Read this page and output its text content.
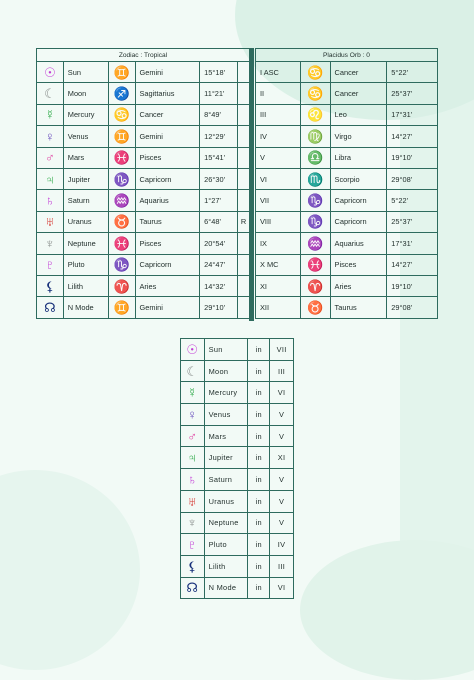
Zodiac : Tropical					
☉	Sun	♊	Gemini	15°18'	
☾	Moon	♐	Sagittarius	11°21'	
☿	Mercury	♋	Cancer	8°49'	
♀	Venus	♊	Gemini	12°29'	
♂	Mars	♓	Pisces	15°41'	
♃	Jupiter	♑	Capricorn	26°30'	
♄	Saturn	♒	Aquarius	1°27'	
♅	Uranus	♉	Taurus	6°48'	R
♆	Neptune	♓	Pisces	20°54'	
♇	Pluto	♑	Capricorn	24°47'	
⚸	Lilith	♈	Aries	14°32'	
☊	N Mode	♊	Gemini	29°10'	
Placidus Orb : 0			
I ASC	♋	Cancer	5°22'
II	♋	Cancer	25°37'
III	♌	Leo	17°31'
IV	♍	Virgo	14°27'
V	♎	Libra	19°10'
VI	♏	Scorpio	29°08'
VII	♑	Capricorn	5°22'
VIII	♑	Capricorn	25°37'
IX	♒	Aquarius	17°31'
X MC	♓	Pisces	14°27'
XI	♈	Aries	19°10'
XII	♉	Taurus	29°08'
☉	Sun	in	VII
☾	Moon	in	III
☿	Mercury	in	VI
♀	Venus	in	V
♂	Mars	in	V
♃	Jupiter	in	XI
♄	Saturn	in	V
♅	Uranus	in	V
♆	Neptune	in	V
♇	Pluto	in	IV
⚸	Lilith	in	III
☊	N Mode	in	VI
